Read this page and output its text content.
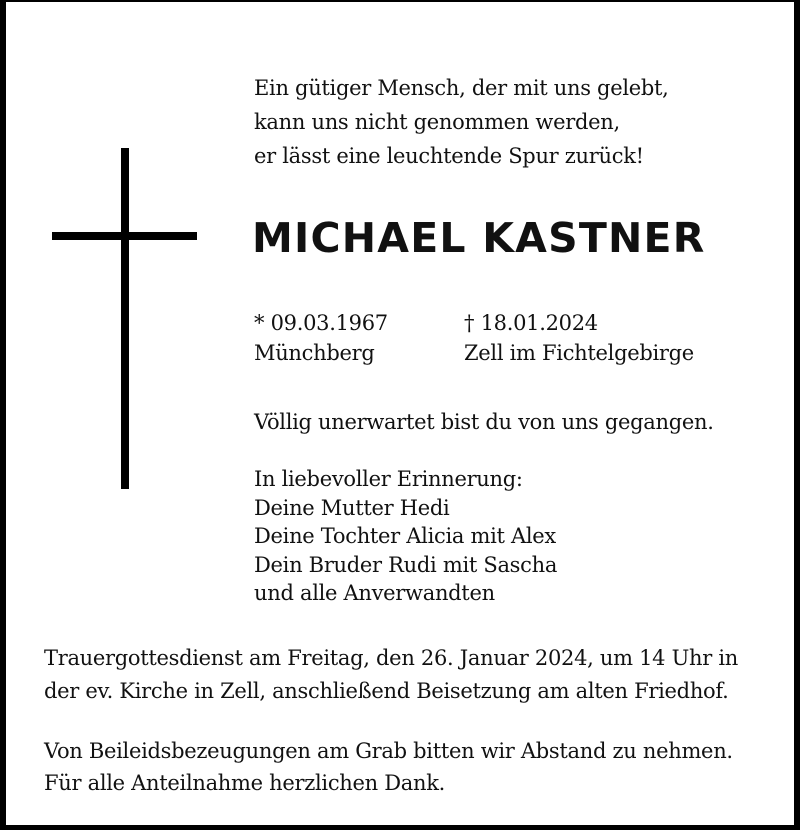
Ein gütiger Mensch, der mit uns gelebt,
kann uns nicht genommen werden,
er lässt eine leuchtende Spur zurück!
MICHAEL KASTNER
* 09.03.1967
Münchberg
† 18.01.2024
Zell im Fichtelgebirge
Völlig unerwartet bist du von uns gegangen.
In liebevoller Erinnerung:
Deine Mutter Hedi
Deine Tochter Alicia mit Alex
Dein Bruder Rudi mit Sascha
und alle Anverwandten
Trauergottesdienst am Freitag, den 26. Januar 2024, um 14 Uhr in
der ev. Kirche in Zell, anschließend Beisetzung am alten Friedhof.
Von Beileidsbezeugungen am Grab bitten wir Abstand zu nehmen.
Für alle Anteilnahme herzlichen Dank.
